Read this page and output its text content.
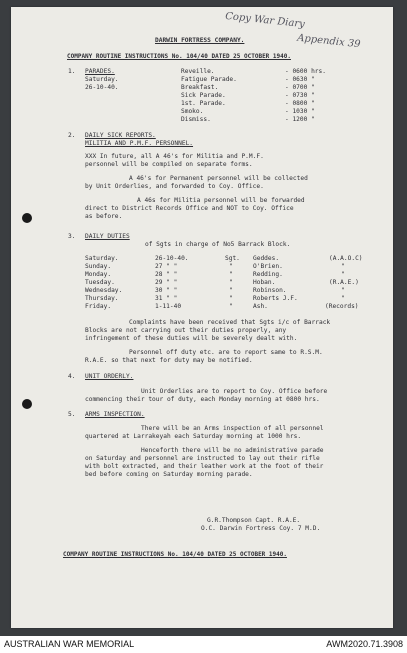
Copy War Diary
Appendix 39
DARWIN FORTRESS COMPANY.
COMPANY ROUTINE INSTRUCTIONS No. 104/40 DATED 25 OCTOBER 1940.
1. PARADES.
Saturday.
26-10-40.
Reveille.	- 0600 hrs.
Fatigue Parade.	- 0630 "
Breakfast.	- 0700 "
Sick Parade.	- 0730 "
1st. Parade.	- 0800 "
Smoko.	- 1030 "
Dismiss.	- 1200 "
2. DAILY SICK REPORTS.
MILITIA AND P.M.F. PERSONNEL.
XXX In future, all A 46's for Militia and P.M.F.
personnel will be compiled on separate forms.
A 46's for Permanent personnel will be collected
by Unit Orderlies, and forwarded to Coy. Office.
A 46s for Militia personnel will be forwarded
direct to District Records Office and NOT to Coy. Office
as before.
3. DAILY DUTIES
of Sgts in charge of No5 Barrack Block.
Saturday.	26-10-40.	Sgt. Geddes.	(A.A.O.C)
Sunday.	27 " "	"	O'Brien.	"
Monday.	28 " "	"	Redding.	"
Tuesday.	29 " "	"	Hoban.	(R.A.E.)
Wednesday.	30 " "	"	Robinson.	"
Thursday.	31 " "	"	Roberts J.F.	"
Friday.	1-11-40	"	Ash.	(Records)
Complaints have been received that Sgts i/c of Barrack
Blocks are not carrying out their duties properly, any
infringement of these duties will be severely dealt with.
Personnel off duty etc. are to report same to R.S.M.
R.A.E. so that next for duty may be notified.
4. UNIT ORDERLY.
Unit Orderlies are to report to Coy. Office before
commencing their tour of duty, each Monday morning at 0800 hrs.
5. ARMS INSPECTION.
There will be an Arms inspection of all personnel
quartered at Larrakeyah each Saturday morning at 1000 hrs.
Henceforth there will be no administrative parade
on Saturday and personnel are instructed to lay out their rifle
with bolt extracted, and their leather work at the foot of their
bed before coming on Saturday morning parade.
G.R.Thompson Capt. R.A.E.
O.C. Darwin Fortress Coy. 7 M.D.
COMPANY ROUTINE INSTRUCTIONS No. 104/40 DATED 25 OCTOBER 1940.
AUSTRALIAN WAR MEMORIAL	AWM2020.71.3908
